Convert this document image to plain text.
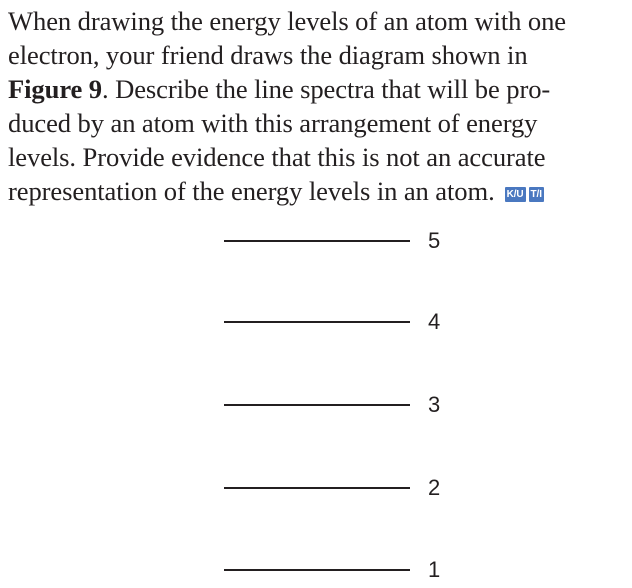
When drawing the energy levels of an atom with one
electron, your friend draws the diagram shown in
Figure 9. Describe the line spectra that will be pro-
duced by an atom with this arrangement of energy
levels. Provide evidence that this is not an accurate
representation of the energy levels in an atom. K/U T/I
5
4
3
2
1
